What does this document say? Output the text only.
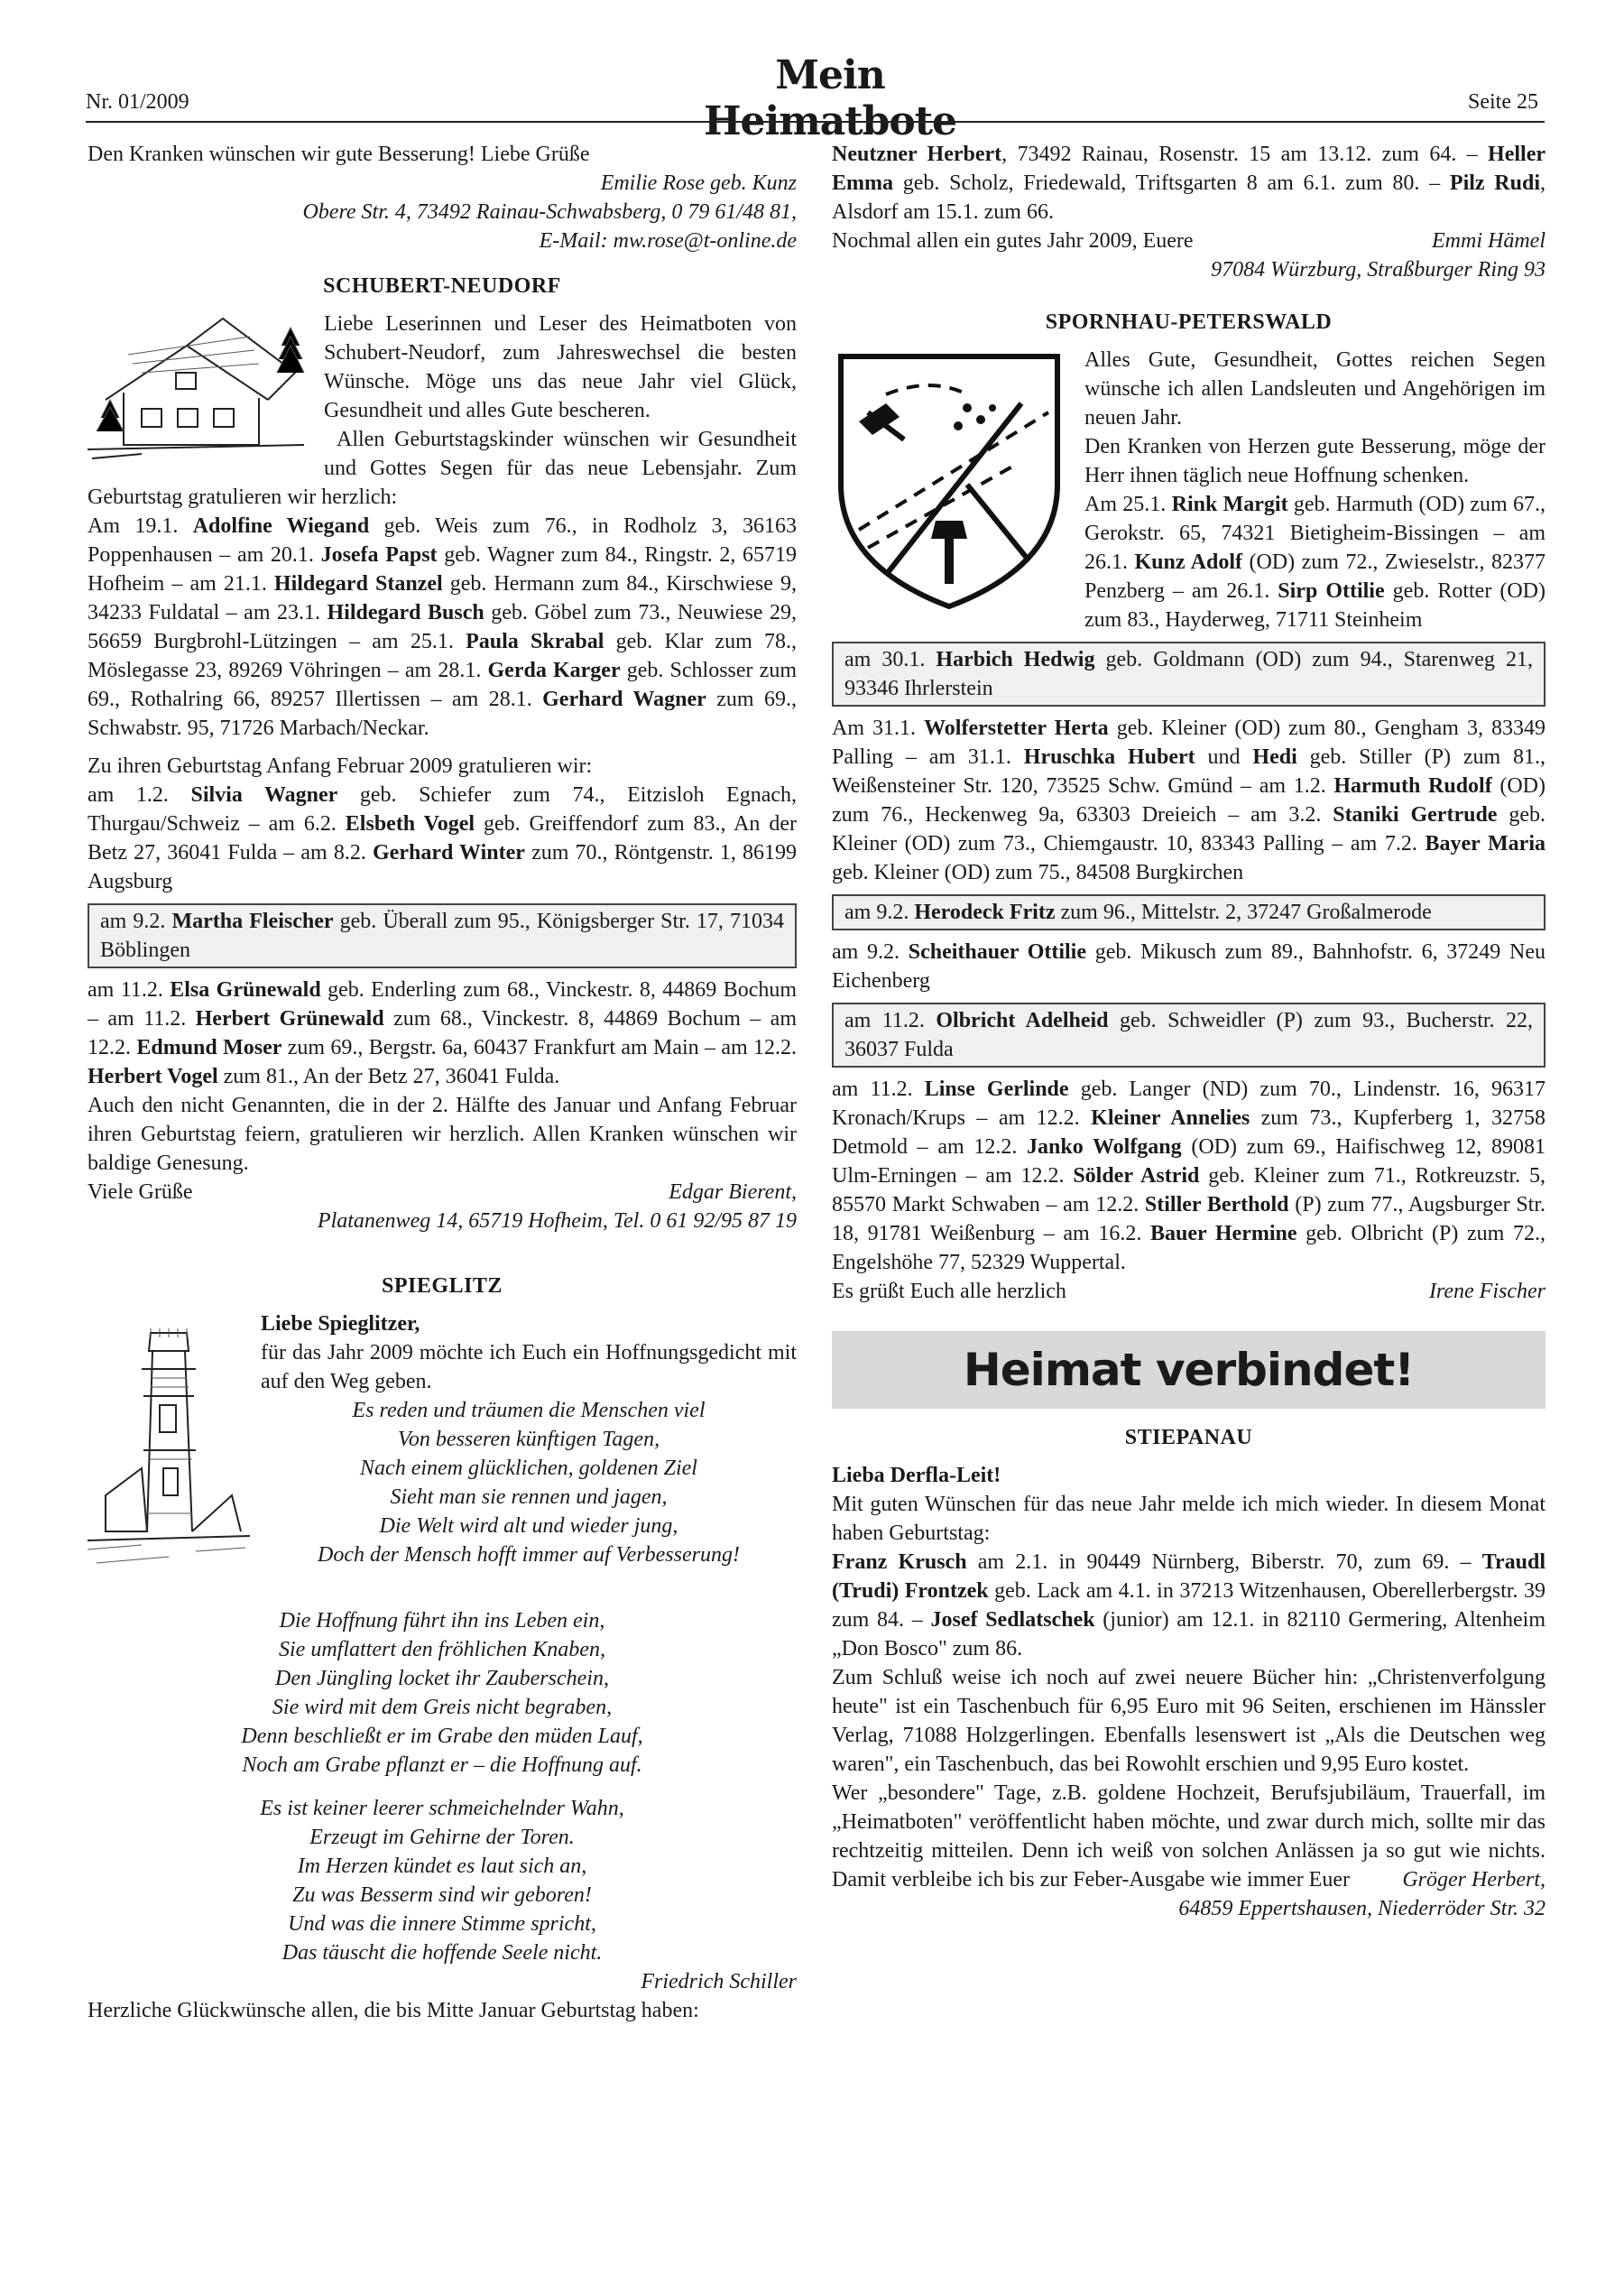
Nr. 01/2009
Mein Heimatbote	Seite 25

Den Kranken wünschen wir gute Besserung! Liebe Grüße

Emilie Rose geb. Kunz

Obere Str. 4, 73492 Rainau-Schwabsberg, 0 79 61/48 81,

E-Mail: mw.rose@t-online.de

SCHUBERT-NEUDORF

Liebe Leserinnen und Leser des Heimatboten von Schubert-Neudorf, zum Jahreswechsel die besten Wünsche. Möge uns das neue Jahr viel Glück, Gesundheit und alles Gute bescheren.

Allen Geburtstagskinder wünschen wir Gesundheit und Gottes Segen für das neue Lebensjahr. Zum Geburtstag gratulieren wir herzlich:

Am 19.1. Adolfine Wiegand geb. Weis zum 76., in Rodholz 3, 36163 Poppenhausen – am 20.1. Josefa Papst geb. Wagner zum 84., Ringstr. 2, 65719 Hofheim – am 21.1. Hildegard Stanzel geb. Hermann zum 84., Kirschwiese 9, 34233 Fuldatal – am 23.1. Hildegard Busch geb. Göbel zum 73., Neuwiese 29, 56659 Burgbrohl-Lützingen – am 25.1. Paula Skrabal geb. Klar zum 78., Möslegasse 23, 89269 Vöhringen – am 28.1. Gerda Karger geb. Schlosser zum 69., Rothalring 66, 89257 Illertissen – am 28.1. Gerhard Wagner zum 69., Schwabstr. 95, 71726 Marbach/Neckar.

Zu ihren Geburtstag Anfang Februar 2009 gratulieren wir:

am 1.2. Silvia Wagner geb. Schiefer zum 74., Eitzisloh Egnach, Thurgau/Schweiz – am 6.2. Elsbeth Vogel geb. Greiffendorf zum 83., An der Betz 27, 36041 Fulda – am 8.2. Gerhard Winter zum 70., Röntgenstr. 1, 86199 Augsburg

am 9.2. Martha Fleischer geb. Überall zum 95., Königsberger Str. 17, 71034 Böblingen

am 11.2. Elsa Grünewald geb. Enderling zum 68., Vinckestr. 8, 44869 Bochum – am 11.2. Herbert Grünewald zum 68., Vinckestr. 8, 44869 Bochum – am 12.2. Edmund Moser zum 69., Bergstr. 6a, 60437 Frankfurt am Main – am 12.2. Herbert Vogel zum 81., An der Betz 27, 36041 Fulda.

Auch den nicht Genannten, die in der 2. Hälfte des Januar und Anfang Februar ihren Geburtstag feiern, gratulieren wir herzlich. Allen Kranken wünschen wir baldige Genesung.

Viele Grüße	Edgar Bierent,

Platanenweg 14, 65719 Hofheim, Tel. 0 61 92/95 87 19

SPIEGLITZ

Liebe Spieglitzer,

für das Jahr 2009 möchte ich Euch ein Hoffnungsgedicht mit auf den Weg geben.

Es reden und träumen die Menschen viel
Von besseren künftigen Tagen,
Nach einem glücklichen, goldenen Ziel
Sieht man sie rennen und jagen,
Die Welt wird alt und wieder jung,
Doch der Mensch hofft immer auf Verbesserung!
Die Hoffnung führt ihn ins Leben ein,
Sie umflattert den fröhlichen Knaben,
Den Jüngling locket ihr Zauberschein,
Sie wird mit dem Greis nicht begraben,
Denn beschließt er im Grabe den müden Lauf,
Noch am Grabe pflanzt er – die Hoffnung auf.
Es ist keiner leerer schmeichelnder Wahn,
Erzeugt im Gehirne der Toren.
Im Herzen kündet es laut sich an,
Zu was Besserm sind wir geboren!
Und was die innere Stimme spricht,
Das täuscht die hoffende Seele nicht.

Friedrich Schiller

Herzliche Glückwünsche allen, die bis Mitte Januar Geburtstag haben:

Neutzner Herbert, 73492 Rainau, Rosenstr. 15 am 13.12. zum 64. – Heller Emma geb. Scholz, Friedewald, Triftsgarten 8 am 6.1. zum 80. – Pilz Rudi, Alsdorf am 15.1. zum 66.

Nochmal allen ein gutes Jahr 2009, Euere	Emmi Hämel

97084 Würzburg, Straßburger Ring 93

SPORNHAU-PETERSWALD

Alles Gute, Gesundheit, Gottes reichen Segen wünsche ich allen Landsleuten und Angehörigen im neuen Jahr.

Den Kranken von Herzen gute Besserung, möge der Herr ihnen täglich neue Hoffnung schenken.

Am 25.1. Rink Margit geb. Harmuth (OD) zum 67., Gerokstr. 65, 74321 Bietigheim-Bissingen – am 26.1. Kunz Adolf (OD) zum 72., Zwieselstr., 82377 Penzberg – am 26.1. Sirp Ottilie geb. Rotter (OD) zum 83., Hayderweg, 71711 Steinheim

am 30.1. Harbich Hedwig geb. Goldmann (OD) zum 94., Starenweg 21, 93346 Ihrlerstein

Am 31.1. Wolferstetter Herta geb. Kleiner (OD) zum 80., Gengham 3, 83349 Palling – am 31.1. Hruschka Hubert und Hedi geb. Stiller (P) zum 81., Weißensteiner Str. 120, 73525 Schw. Gmünd – am 1.2. Harmuth Rudolf (OD) zum 76., Heckenweg 9a, 63303 Dreieich – am 3.2. Staniki Gertrude geb. Kleiner (OD) zum 73., Chiemgaustr. 10, 83343 Palling – am 7.2. Bayer Maria geb. Kleiner (OD) zum 75., 84508 Burgkirchen

am 9.2. Herodeck Fritz zum 96., Mittelstr. 2, 37247 Großalmerode

am 9.2. Scheithauer Ottilie geb. Mikusch zum 89., Bahnhofstr. 6, 37249 Neu Eichenberg

am 11.2. Olbricht Adelheid geb. Schweidler (P) zum 93., Bucherstr. 22, 36037 Fulda

am 11.2. Linse Gerlinde geb. Langer (ND) zum 70., Lindenstr. 16, 96317 Kronach/Krups – am 12.2. Kleiner Annelies zum 73., Kupferberg 1, 32758 Detmold – am 12.2. Janko Wolfgang (OD) zum 69., Haifischweg 12, 89081 Ulm-Erningen – am 12.2. Sölder Astrid geb. Kleiner zum 71., Rotkreuzstr. 5, 85570 Markt Schwaben – am 12.2. Stiller Berthold (P) zum 77., Augsburger Str. 18, 91781 Weißenburg – am 16.2. Bauer Hermine geb. Olbricht (P) zum 72., Engelshöhe 77, 52329 Wuppertal.

Es grüßt Euch alle herzlich	Irene Fischer

Heimat verbindet!
STIEPANAU

Lieba Derfla-Leit!

Mit guten Wünschen für das neue Jahr melde ich mich wieder. In diesem Monat haben Geburtstag:

Franz Krusch am 2.1. in 90449 Nürnberg, Biberstr. 70, zum 69. – Traudl (Trudi) Frontzek geb. Lack am 4.1. in 37213 Witzenhausen, Oberellerbergstr. 39 zum 84. – Josef Sedlatschek (junior) am 12.1. in 82110 Germering, Altenheim „Don Bosco" zum 86.

Zum Schluß weise ich noch auf zwei neuere Bücher hin: „Christenverfolgung heute" ist ein Taschenbuch für 6,95 Euro mit 96 Seiten, erschienen im Hänssler Verlag, 71088 Holzgerlingen. Ebenfalls lesenswert ist „Als die Deutschen weg waren", ein Taschenbuch, das bei Rowohlt erschien und 9,95 Euro kostet.

Wer „besondere" Tage, z.B. goldene Hochzeit, Berufsjubiläum, Trauerfall, im „Heimatboten" veröffentlicht haben möchte, und zwar durch mich, sollte mir das rechtzeitig mitteilen. Denn ich weiß von solchen Anlässen ja so gut wie nichts. Damit verbleibe ich bis zur Feber-Ausgabe wie immer Euer Gröger Herbert,

64859 Eppertshausen, Niederröder Str. 32
